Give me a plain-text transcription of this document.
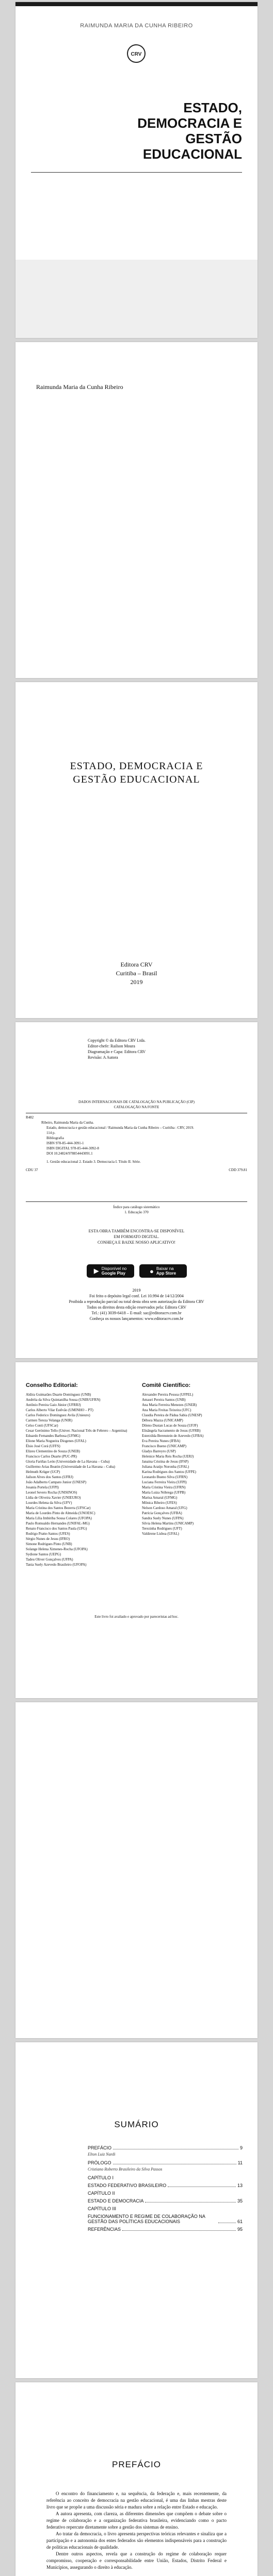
RAIMUNDA MARIA DA CUNHA RIBEIRO
CRV
ESTADO,
DEMOCRACIA E
GESTÃO EDUCACIONAL
Raimunda Maria da Cunha Ribeiro
ESTADO, DEMOCRACIA E
GESTÃO EDUCACIONAL
Editora CRV
Curitiba – Brasil
2019
Copyright © da Editora CRV Ltda.
Editor-chefe: Railson Moura
Diagramação e Capa: Editora CRV
Revisão: A Autora
DADOS INTERNACIONAIS DE CATALOGAÇÃO NA PUBLICAÇÃO (CIP)
CATALOGAÇÃO NA FONTE
R482
Ribeiro, Raimunda Maria da Cunha.
Estado, democracia e gestão educacional / Raimunda Maria da Cunha Ribeiro – Curitiba : CRV, 2019.
114 p.
Bibliografia
ISBN 978-85-444-3091-1
ISBN DIGITAL 978-85-444-3092-8
DOI 10.24824/978854443091.1
1. Gestão educacional 2. Estado 3. Democracia I. Título II. Série.
CDU 37	CDD 379.81
Índice para catálogo sistemático
1. Educação 370
ESTA OBRA TAMBÉM ENCONTRA-SE DISPONÍVEL
EM FORMATO DIGITAL.
CONHEÇA E BAIXE NOSSO APLICATIVO!
▶ Disponível no
Google Play	● Baixar na
App Store
2019
Foi feito o depósito legal conf. Lei 10.994 de 14/12/2004
Proibida a reprodução parcial ou total desta obra sem autorização da Editora CRV
Todos os direitos desta edição reservados pela: Editora CRV
Tel.: (41) 3039-6418 – E-mail: sac@editoracrv.com.br
Conheça os nossos lançamentos: www.editoracrv.com.br
Conselho Editorial:
Aldira Guimarães Duarte Domínguez (UNB)
Andréia da Silva Quintanilha Sousa (UNIR/UFRN)
Antônio Pereira Gaio Júnior (UFRRJ)
Carlos Alberto Vilar Estêvão (UMINHO – PT)
Carlos Federico Dominguez Avila (Unieuro)
Carmen Tereza Velanga (UNIR)
Celso Conti (UFSCar)
Cesar Gerónimo Tello (Univer. Nacional Três de Febrero – Argentina)
Eduardo Fernandes Barbosa (UFMG)
Elione Maria Nogueira Diogenes (UFAL)
Élsio José Corá (UFFS)
Elizeu Clementino de Souza (UNEB)
Francisco Carlos Duarte (PUC-PR)
Gloria Fariñas León (Universidade de La Havana – Cuba)
Guillermo Arias Beatón (Universidade de La Havana – Cuba)
Helmuth Krüger (UCP)
Jailson Alves dos Santos (UFRJ)
João Adalberto Campato Junior (UNESP)
Josania Portela (UFPI)
Leonel Severo Rocha (UNISINOS)
Lídia de Oliveira Xavier (UNIEURO)
Lourdes Helena da Silva (UFV)
Maria Cristina dos Santos Bezerra (UFSCar)
Maria de Lourdes Pinto de Almeida (UNOESC)
Maria Lília Imbiriba Sousa Colares (UFOPA)
Paulo Romualdo Hernandes (UNIFAL-MG)
Renato Francisco dos Santos Paula (UFG)
Rodrigo Pratte-Santos (UFES)
Sérgio Nunes de Jesus (IFRO)
Simone Rodrigues Pinto (UNB)
Solange Helena Ximenes-Rocha (UFOPA)
Sydione Santos (UEPG)
Tadeu Oliver Gonçalves (UFPA)
Tania Suely Azevedo Brasileiro (UFOPA)
Comitê Científico:
Alexandre Pereira Pessoa (UFPEL)
Amauri Pereira Santos (UNB)
Ana Maria Ferreira Menezes (UNEB)
Ana Maria Freitas Teixeira (UFC)
Claudia Pereira de Pádua Sabia (UNESP)
Débora Mazza (UNICAMP)
Dileno Dustan Lucas de Souza (UFJF)
Elisângela Sacramento de Jesus (UFRB)
Esterzilda Berenstein de Azevedo (UFBA)
Eva Pereira Nunes (IFBA)
Francisco Bueno (UNICAMP)
Gladys Barreyro (USP)
Helenice Maria Reis Rocha (UERJ)
Janaina Cristina de Jesus (IFSP)
Juliana Araújo Noronha (UFAL)
Karina Rodrigues dos Santos (UFPE)
Leonardo Bueno Silva (UFRN)
Luciana Ferreira Vieira (UFPI)
Maria Cristina Vieira (UFRN)
Maria Luiza Nóbrega (UFPB)
Marisa Amaral (UFMG)
Mônica Ribeiro (UFES)
Nelson Cardoso Amaral (UFG)
Patrícia Gonçalves (UFBA)
Sandra Suely Nunes (UFPA)
Silvia Helena Martins (UNICAMP)
Terezinha Rodrigues (UFT)
Valdirene Lisboa (UFAL)
Este livro foi avaliado e aprovado por pareceristas ad hoc.
SUMÁRIO
PREFÁCIO	9
Elton Luiz Nardi
PRÓLOGO	11
Cristiano Roberto Brasileiro da Silva Passos
CAPÍTULO I
ESTADO FEDERATIVO BRASILEIRO	13
CAPÍTULO II
ESTADO E DEMOCRACIA	35
CAPÍTULO III
FUNCIONAMENTO E REGIME DE COLABORAÇÃO NA GESTÃO DAS POLÍTICAS EDUCACIONAIS	61
REFERÊNCIAS	95
PREFÁCIO

O encontro do financiamento e, na sequência, da federação e, mais recentemente, da referência ao conceito de democracia na gestão educacional, é uma das linhas mestras deste livro que se propõe a uma discussão séria e madura sobre a relação entre Estado e educação.

A autora apresenta, com clareza, as diferentes dimensões que compõem o debate sobre o regime de colaboração e a organização federativa brasileira, evidenciando como o pacto federativo repercute diretamente sobre a gestão dos sistemas de ensino.

Ao tratar da democracia, o livro apresenta perspectivas teóricas relevantes e sinaliza que a participação e a autonomia dos entes federados são elementos indispensáveis para a construção de políticas educacionais de qualidade.

Dentre outros aspectos, revela que a construção do regime de colaboração requer compromisso, cooperação e corresponsabilidade entre União, Estados, Distrito Federal e Municípios, assegurando o direito à educação.
